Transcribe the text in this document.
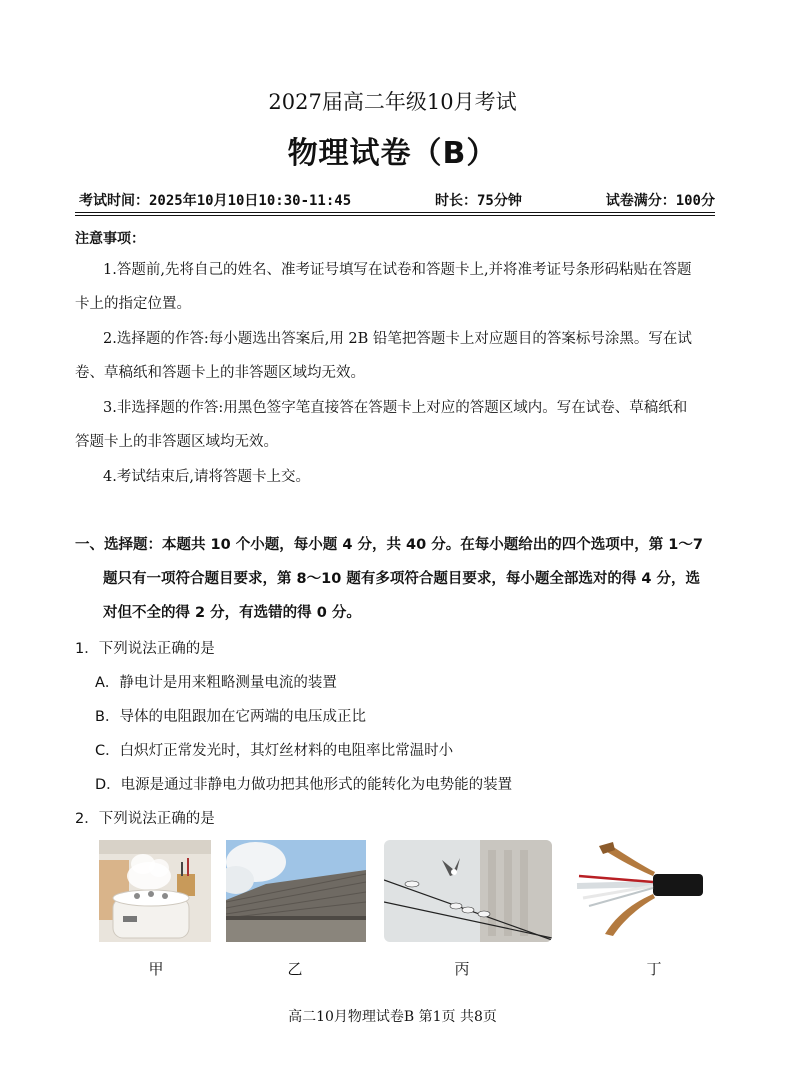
2027届高二年级10月考试
物理试卷（B）
考试时间：2025年10月10日10:30-11:45	时长：75分钟	试卷满分：100分
注意事项：
1.答题前,先将自己的姓名、准考证号填写在试卷和答题卡上,并将准考证号条形码粘贴在答题
卡上的指定位置。
2.选择题的作答:每小题选出答案后,用 2B 铅笔把答题卡上对应题目的答案标号涂黑。写在试
卷、草稿纸和答题卡上的非答题区域均无效。
3.非选择题的作答:用黑色签字笔直接答在答题卡上对应的答题区域内。写在试卷、草稿纸和
答题卡上的非答题区域均无效。
4.考试结束后,请将答题卡上交。
一、选择题：本题共 10 个小题，每小题 4 分，共 40 分。在每小题给出的四个选项中，第 1～7
题只有一项符合题目要求，第 8～10 题有多项符合题目要求，每小题全部选对的得 4 分，选
对但不全的得 2 分，有选错的得 0 分。
1．下列说法正确的是
A．静电计是用来粗略测量电流的装置
B．导体的电阻跟加在它两端的电压成正比
C．白炽灯正常发光时，其灯丝材料的电阻率比常温时小
D．电源是通过非静电力做功把其他形式的能转化为电势能的装置
2．下列说法正确的是
甲	乙	丙	丁
高二10月物理试卷B 第1页 共8页
